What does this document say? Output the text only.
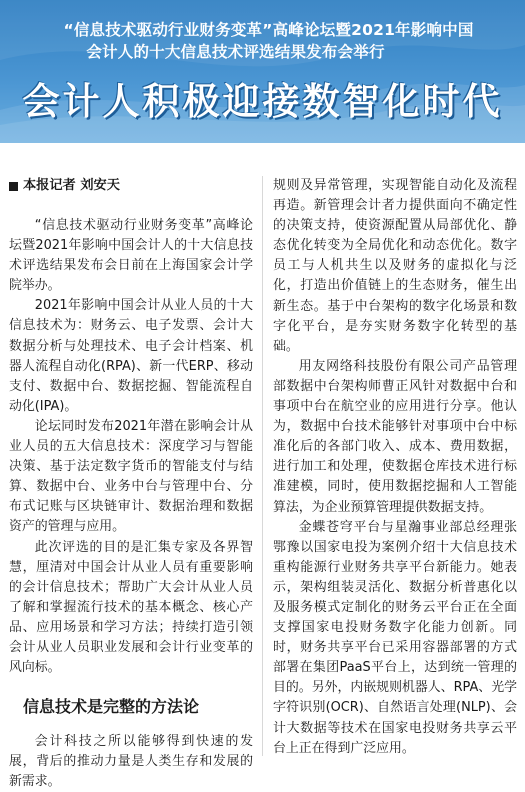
“信息技术驱动行业财务变革”高峰论坛暨2021年影响中国
会计人的十大信息技术评选结果发布会举行
会计人积极迎接数智化时代
本报记者 刘安天

“信息技术驱动行业财务变革”高峰论坛暨2021年影响中国会计人的十大信息技术评选结果发布会日前在上海国家会计学院举办。

2021年影响中国会计从业人员的十大信息技术为：财务云、电子发票、会计大数据分析与处理技术、电子会计档案、机器人流程自动化(RPA)、新一代ERP、移动支付、数据中台、数据挖掘、智能流程自动化(IPA)。

论坛同时发布2021年潜在影响会计从业人员的五大信息技术：深度学习与智能决策、基于法定数字货币的智能支付与结算、数据中台、业务中台与管理中台、分布式记账与区块链审计、数据治理和数据资产的管理与应用。

此次评选的目的是汇集专家及各界智慧，厘清对中国会计从业人员有重要影响的会计信息技术；帮助广大会计从业人员了解和掌握流行技术的基本概念、核心产品、应用场景和学习方法；持续打造引领会计从业人员职业发展和会计行业变革的风向标。

信息技术是完整的方法论

会计科技之所以能够得到快速的发展，背后的推动力量是人类生存和发展的新需求。

规则及异常管理，实现智能自动化及流程再造。新管理会计者力提供面向不确定性的决策支持，使资源配置从局部优化、静态优化转变为全局优化和动态优化。数字员工与人机共生以及财务的虚拟化与泛化，打造出价值链上的生态财务，催生出新生态。基于中台架构的数字化场景和数字化平台，是夯实财务数字化转型的基础。

用友网络科技股份有限公司产品管理部数据中台架构师曹正风针对数据中台和事项中台在航空业的应用进行分享。他认为，数据中台技术能够针对事项中台中标准化后的各部门收入、成本、费用数据，进行加工和处理，使数据仓库技术进行标准建模，同时，使用数据挖掘和人工智能算法，为企业预算管理提供数据支持。

金蝶苍穹平台与星瀚事业部总经理张鄂豫以国家电投为案例介绍十大信息技术重构能源行业财务共享平台新能力。她表示，架构组装灵活化、数据分析普惠化以及服务模式定制化的财务云平台正在全面支撑国家电投财务数字化能力创新。同时，财务共享平台已采用容器部署的方式部署在集团PaaS平台上，达到统一管理的目的。另外，内嵌规则机器人、RPA、光学字符识别(OCR)、自然语言处理(NLP)、会计大数据等技术在国家电投财务共享云平台上正在得到广泛应用。
